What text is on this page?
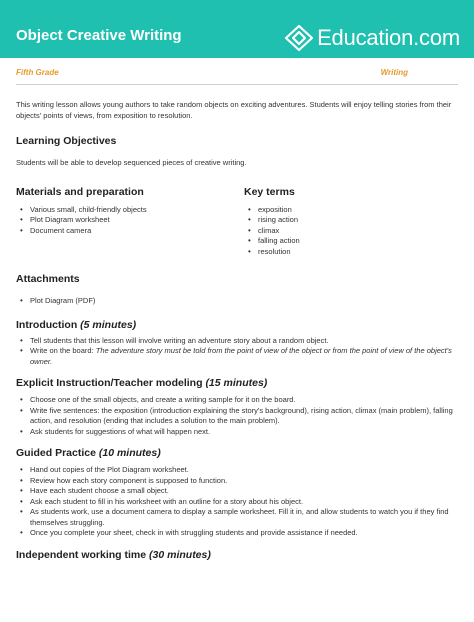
Object Creative Writing	Education.com
Fifth Grade	Writing

This writing lesson allows young authors to take random objects on exciting adventures. Students will enjoy telling stories from their objects' points of views, from exposition to resolution.

Learning Objectives

Students will be able to develop sequenced pieces of creative writing.

Materials and preparation
• Various small, child-friendly objects
• Plot Diagram worksheet
• Document camera
Key terms
• exposition
• rising action
• climax
• falling action
• resolution
Attachments
• Plot Diagram (PDF)
Introduction (5 minutes)
• Tell students that this lesson will involve writing an adventure story about a random object.
• Write on the board: The adventure story must be told from the point of view of the object or from the point of view of the object's owner.
Explicit Instruction/Teacher modeling (15 minutes)
• Choose one of the small objects, and create a writing sample for it on the board.
• Write five sentences: the exposition (introduction explaining the story's background), rising action, climax (main problem), falling action, and resolution (ending that includes a solution to the main problem).
• Ask students for suggestions of what will happen next.
Guided Practice (10 minutes)
• Hand out copies of the Plot Diagram worksheet.
• Review how each story component is supposed to function.
• Have each student choose a small object.
• Ask each student to fill in his worksheet with an outline for a story about his object.
• As students work, use a document camera to display a sample worksheet. Fill it in, and allow students to watch you if they find themselves struggling.
• Once you complete your sheet, check in with struggling students and provide assistance if needed.
Independent working time (30 minutes)
